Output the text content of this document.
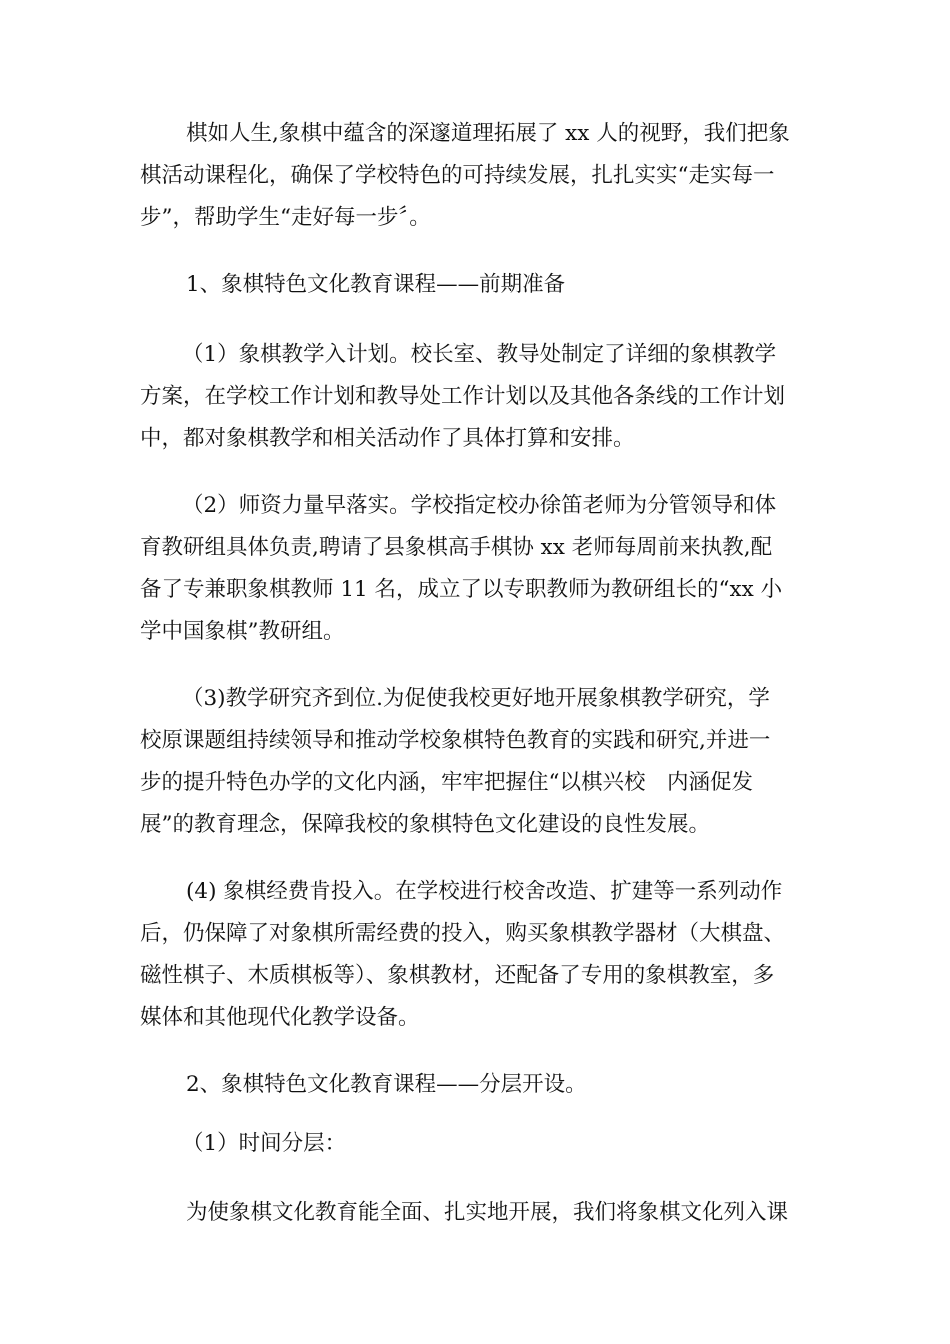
棋如人生,象棋中蕴含的深邃道理拓展了 xx 人的视野，我们把象
棋活动课程化，确保了学校特色的可持续发展，扎扎实实“走实每一
步”，帮助学生“走好每一步〞。
1、象棋特色文化教育课程——前期准备
（1）象棋教学入计划。校长室、教导处制定了详细的象棋教学
方案，在学校工作计划和教导处工作计划以及其他各条线的工作计划
中，都对象棋教学和相关活动作了具体打算和安排。
（2）师资力量早落实。学校指定校办徐笛老师为分管领导和体
育教研组具体负责,聘请了县象棋高手棋协 xx 老师每周前来执教,配
备了专兼职象棋教师 11 名，成立了以专职教师为教研组长的“xx 小
学中国象棋”教研组。
（3)教学研究齐到位.为促使我校更好地开展象棋教学研究，学
校原课题组持续领导和推动学校象棋特色教育的实践和研究,并进一
步的提升特色办学的文化内涵，牢牢把握住“以棋兴校　内涵促发
展”的教育理念，保障我校的象棋特色文化建设的良性发展。
(4) 象棋经费肯投入。在学校进行校舍改造、扩建等一系列动作
后，仍保障了对象棋所需经费的投入，购买象棋教学器材（大棋盘、
磁性棋子、木质棋板等）、象棋教材，还配备了专用的象棋教室，多
媒体和其他现代化教学设备。
2、象棋特色文化教育课程——分层开设。
（1）时间分层：
为使象棋文化教育能全面、扎实地开展，我们将象棋文化列入课
